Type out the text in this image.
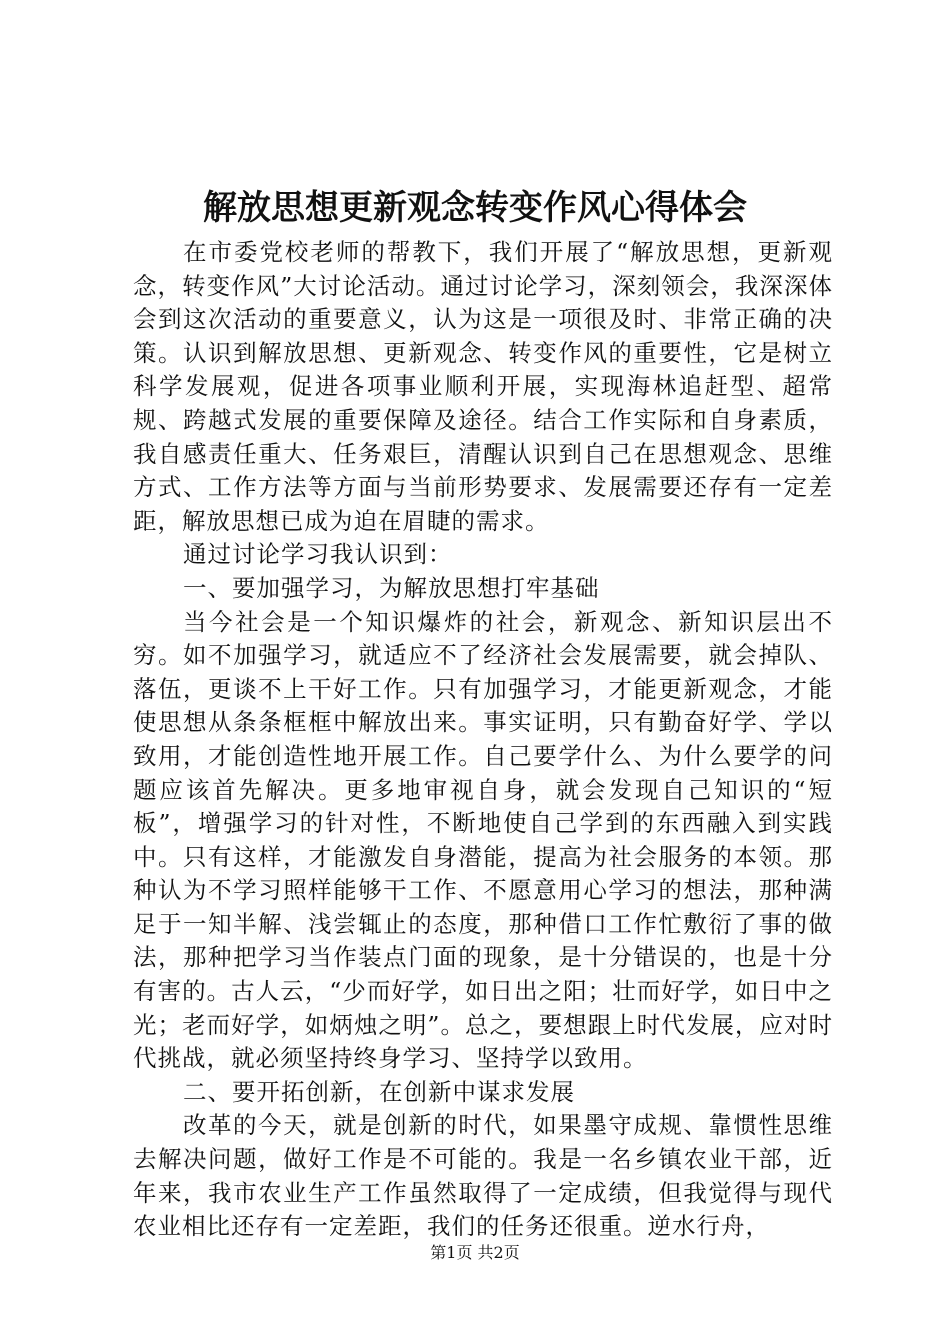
解放思想更新观念转变作风心得体会

在市委党校老师的帮教下，我们开展了“解放思想，更新观念，转变作风”大讨论活动。通过讨论学习，深刻领会，我深深体会到这次活动的重要意义，认为这是一项很及时、非常正确的决策。认识到解放思想、更新观念、转变作风的重要性，它是树立科学发展观，促进各项事业顺利开展，实现海林追赶型、超常规、跨越式发展的重要保障及途径。结合工作实际和自身素质，我自感责任重大、任务艰巨，清醒认识到自己在思想观念、思维方式、工作方法等方面与当前形势要求、发展需要还存有一定差距，解放思想已成为迫在眉睫的需求。

通过讨论学习我认识到：

一、要加强学习，为解放思想打牢基础

当今社会是一个知识爆炸的社会，新观念、新知识层出不穷。如不加强学习，就适应不了经济社会发展需要，就会掉队、落伍，更谈不上干好工作。只有加强学习，才能更新观念，才能使思想从条条框框中解放出来。事实证明，只有勤奋好学、学以致用，才能创造性地开展工作。自己要学什么、为什么要学的问题应该首先解决。更多地审视自身，就会发现自己知识的“短板”，增强学习的针对性，不断地使自己学到的东西融入到实践中。只有这样，才能激发自身潜能，提高为社会服务的本领。那种认为不学习照样能够干工作、不愿意用心学习的想法，那种满足于一知半解、浅尝辄止的态度，那种借口工作忙敷衍了事的做法，那种把学习当作装点门面的现象，是十分错误的，也是十分有害的。古人云，“少而好学，如日出之阳；壮而好学，如日中之光；老而好学，如炳烛之明”。总之，要想跟上时代发展，应对时代挑战，就必须坚持终身学习、坚持学以致用。

二、要开拓创新，在创新中谋求发展

改革的今天，就是创新的时代，如果墨守成规、靠惯性思维去解决问题，做好工作是不可能的。我是一名乡镇农业干部，近年来，我市农业生产工作虽然取得了一定成绩，但我觉得与现代农业相比还存有一定差距，我们的任务还很重。逆水行舟，

第1页 共2页
